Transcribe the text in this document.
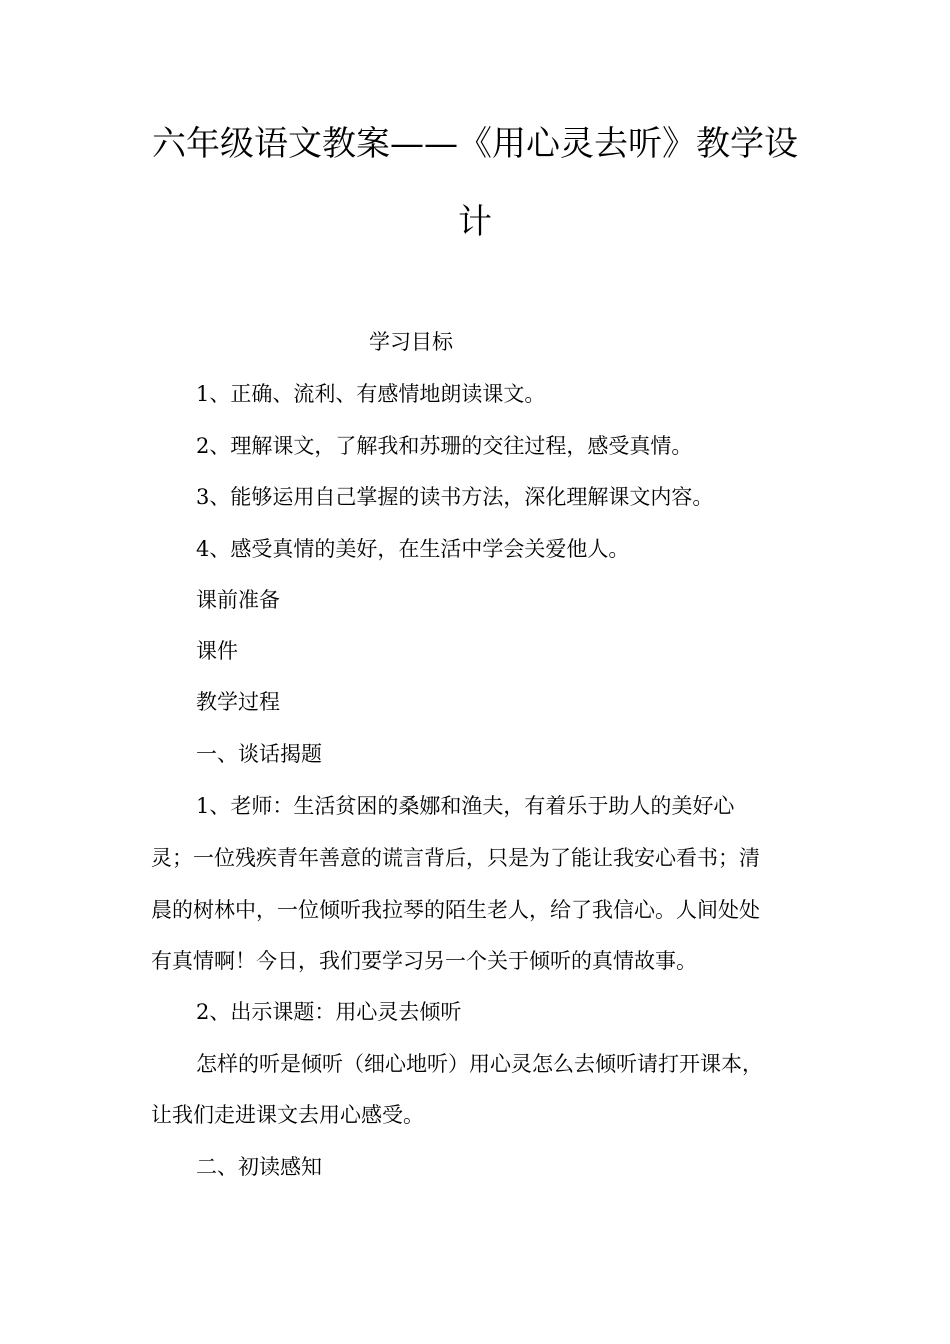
六年级语文教案——《用心灵去听》教学设
计

学习目标

1、正确、流利、有感情地朗读课文。

2、理解课文，了解我和苏珊的交往过程，感受真情。

3、能够运用自己掌握的读书方法，深化理解课文内容。

4、感受真情的美好，在生活中学会关爱他人。

课前准备

课件

教学过程

一、谈话揭题

1、老师：生活贫困的桑娜和渔夫，有着乐于助人的美好心

灵；一位残疾青年善意的谎言背后，只是为了能让我安心看书；清

晨的树林中，一位倾听我拉琴的陌生老人，给了我信心。人间处处

有真情啊！今日，我们要学习另一个关于倾听的真情故事。

2、出示课题：用心灵去倾听

怎样的听是倾听（细心地听）用心灵怎么去倾听请打开课本，

让我们走进课文去用心感受。

二、初读感知
